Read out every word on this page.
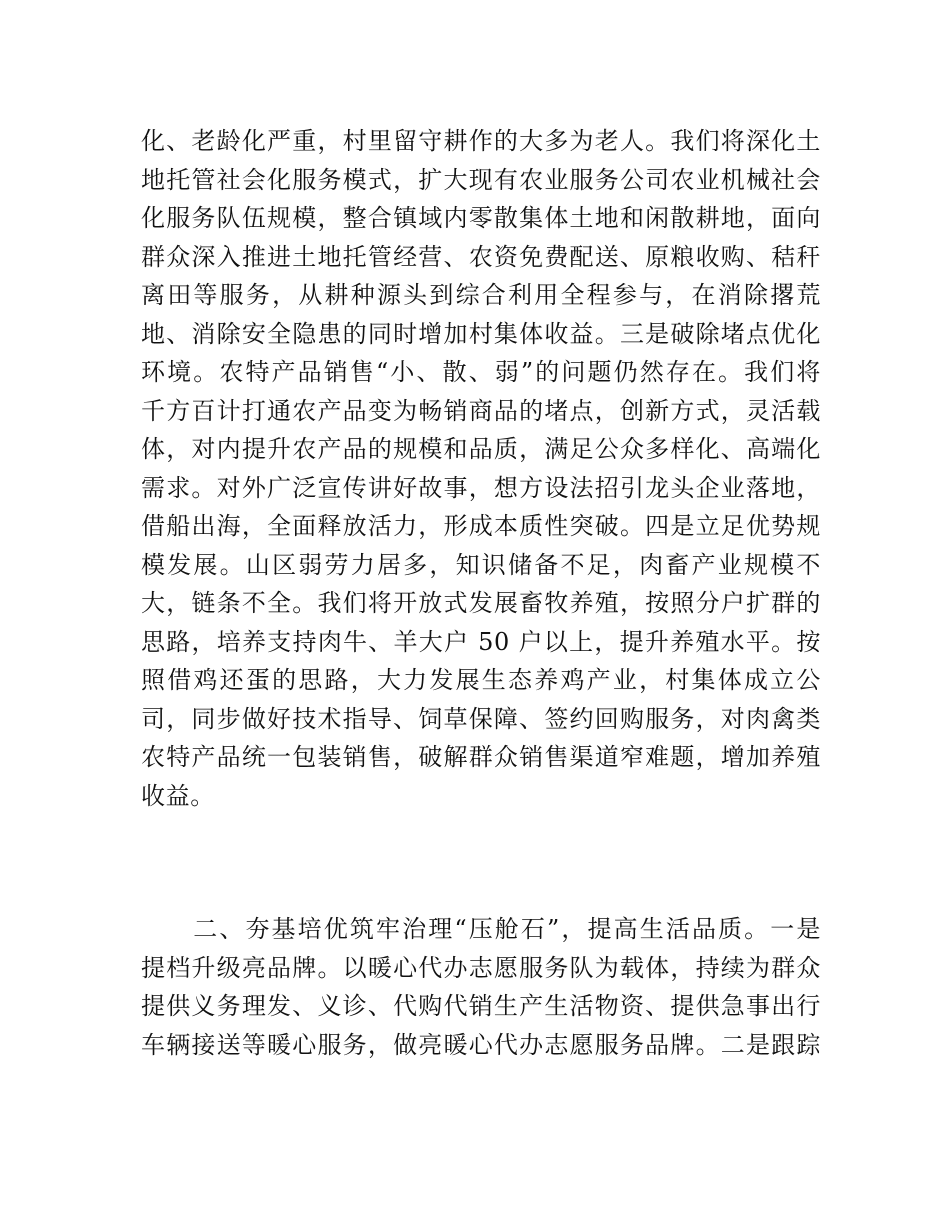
化、老龄化严重，村里留守耕作的大多为老人。我们将深化土
地托管社会化服务模式，扩大现有农业服务公司农业机械社会
化服务队伍规模，整合镇域内零散集体土地和闲散耕地，面向
群众深入推进土地托管经营、农资免费配送、原粮收购、秸秆
离田等服务，从耕种源头到综合利用全程参与，在消除撂荒
地、消除安全隐患的同时增加村集体收益。三是破除堵点优化
环境。农特产品销售“小、散、弱”的问题仍然存在。我们将
千方百计打通农产品变为畅销商品的堵点，创新方式，灵活载
体，对内提升农产品的规模和品质，满足公众多样化、高端化
需求。对外广泛宣传讲好故事，想方设法招引龙头企业落地，
借船出海，全面释放活力，形成本质性突破。四是立足优势规
模发展。山区弱劳力居多，知识储备不足，肉畜产业规模不
大，链条不全。我们将开放式发展畜牧养殖，按照分户扩群的
思路，培养支持肉牛、羊大户 50 户以上，提升养殖水平。按
照借鸡还蛋的思路，大力发展生态养鸡产业，村集体成立公
司，同步做好技术指导、饲草保障、签约回购服务，对肉禽类
农特产品统一包装销售，破解群众销售渠道窄难题，增加养殖
收益。
　　二、夯基培优筑牢治理“压舱石”，提高生活品质。一是
提档升级亮品牌。以暖心代办志愿服务队为载体，持续为群众
提供义务理发、义诊、代购代销生产生活物资、提供急事出行
车辆接送等暖心服务，做亮暖心代办志愿服务品牌。二是跟踪
